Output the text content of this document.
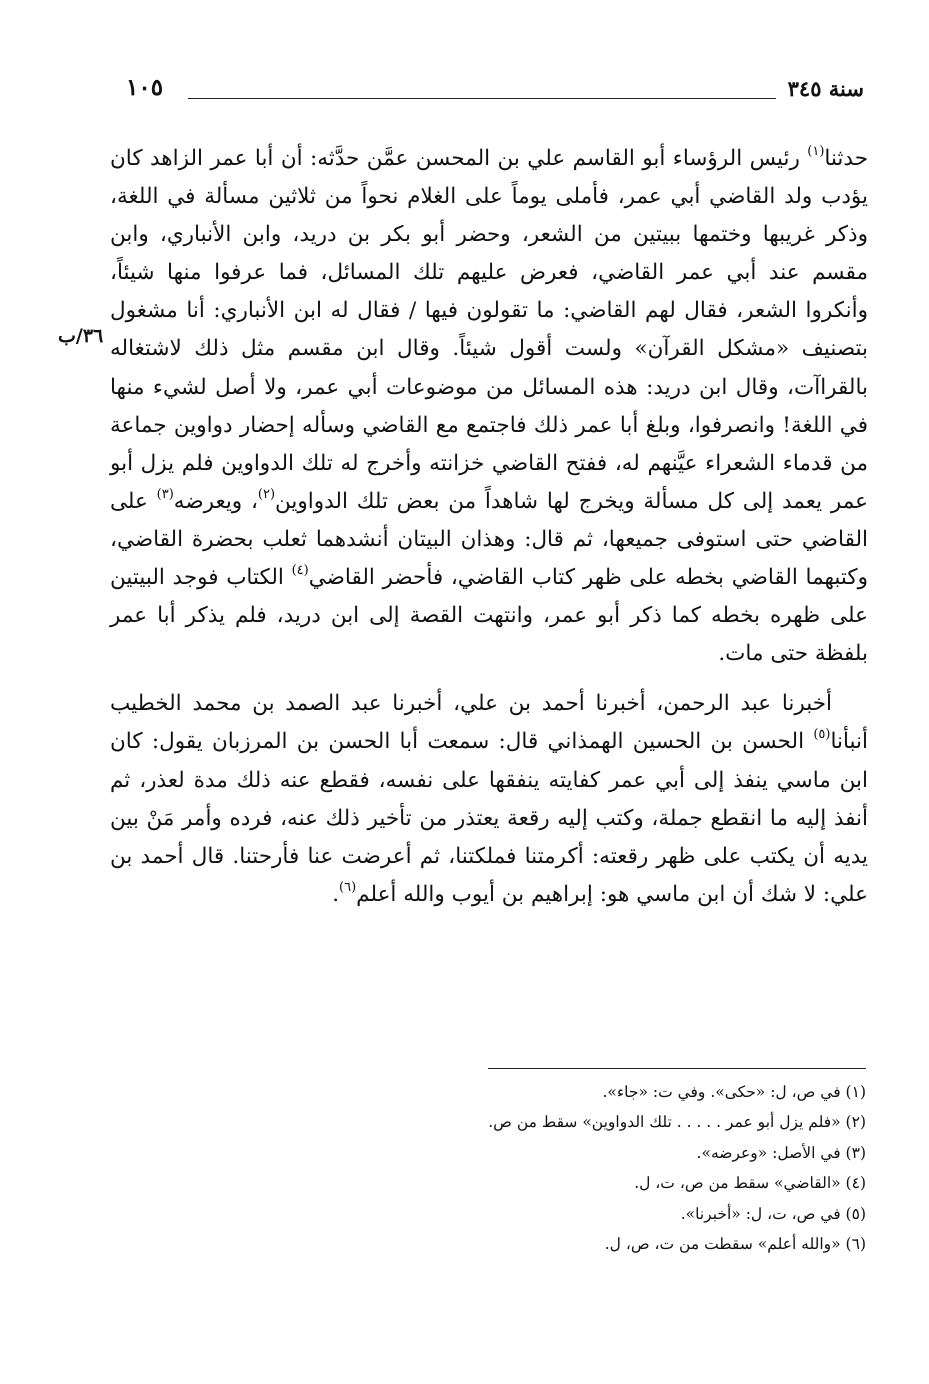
سنة ٣٤٥
١٠٥
٣٦/ب

حدثنا$^{(١)}$ رئيس الرؤساء أبو القاسم علي بن المحسن عمَّن حدَّثه: أن أبا عمر الزاهد كان يؤدب ولد القاضي أبي عمر، فأملى يوماً على الغلام نحواً من ثلاثين مسألة في اللغة، وذكر غريبها وختمها ببيتين من الشعر، وحضر أبو بكر بن دريد، وابن الأنباري، وابن مقسم عند أبي عمر القاضي، فعرض عليهم تلك المسائل، فما عرفوا منها شيئاً، وأنكروا الشعر، فقال لهم القاضي: ما تقولون فيها / فقال له ابن الأنباري: أنا مشغول بتصنيف «مشكل القرآن» ولست أقول شيئاً. وقال ابن مقسم مثل ذلك لاشتغاله بالقراآت، وقال ابن دريد: هذه المسائل من موضوعات أبي عمر، ولا أصل لشيء منها في اللغة! وانصرفوا، وبلغ أبا عمر ذلك فاجتمع مع القاضي وسأله إحضار دواوين جماعة من قدماء الشعراء عيَّنهم له، ففتح القاضي خزانته وأخرج له تلك الدواوين فلم يزل أبو عمر يعمد إلى كل مسألة ويخرج لها شاهداً من بعض تلك الدواوين$^{(٢)}$، ويعرضه$^{(٣)}$ على القاضي حتى استوفى جميعها، ثم قال: وهذان البيتان أنشدهما ثعلب بحضرة القاضي، وكتبهما القاضي بخطه على ظهر كتاب القاضي، فأحضر القاضي$^{(٤)}$ الكتاب فوجد البيتين على ظهره بخطه كما ذكر أبو عمر، وانتهت القصة إلى ابن دريد، فلم يذكر أبا عمر بلفظة حتى مات.

أخبرنا عبد الرحمن، أخبرنا أحمد بن علي، أخبرنا عبد الصمد بن محمد الخطيب أنبأنا$^{(٥)}$ الحسن بن الحسين الهمذاني قال: سمعت أبا الحسن بن المرزبان يقول: كان ابن ماسي ينفذ إلى أبي عمر كفايته ينفقها على نفسه، فقطع عنه ذلك مدة لعذر، ثم أنفذ إليه ما انقطع جملة، وكتب إليه رقعة يعتذر من تأخير ذلك عنه، فرده وأمر مَنْ بين يديه أن يكتب على ظهر رقعته: أكرمتنا فملكتنا، ثم أعرضت عنا فأرحتنا. قال أحمد بن علي: لا شك أن ابن ماسي هو: إبراهيم بن أيوب والله أعلم$^{(٦)}$.

(١) في ص، ل: «حكى». وفي ت: «جاء».
(٢) «فلم يزل أبو عمر . . . . . تلك الدواوين» سقط من ص.
(٣) في الأصل: «وعرضه».
(٤) «القاضي» سقط من ص، ت، ل.
(٥) في ص، ت، ل: «أخبرنا».
(٦) «والله أعلم» سقطت من ت، ص، ل.
